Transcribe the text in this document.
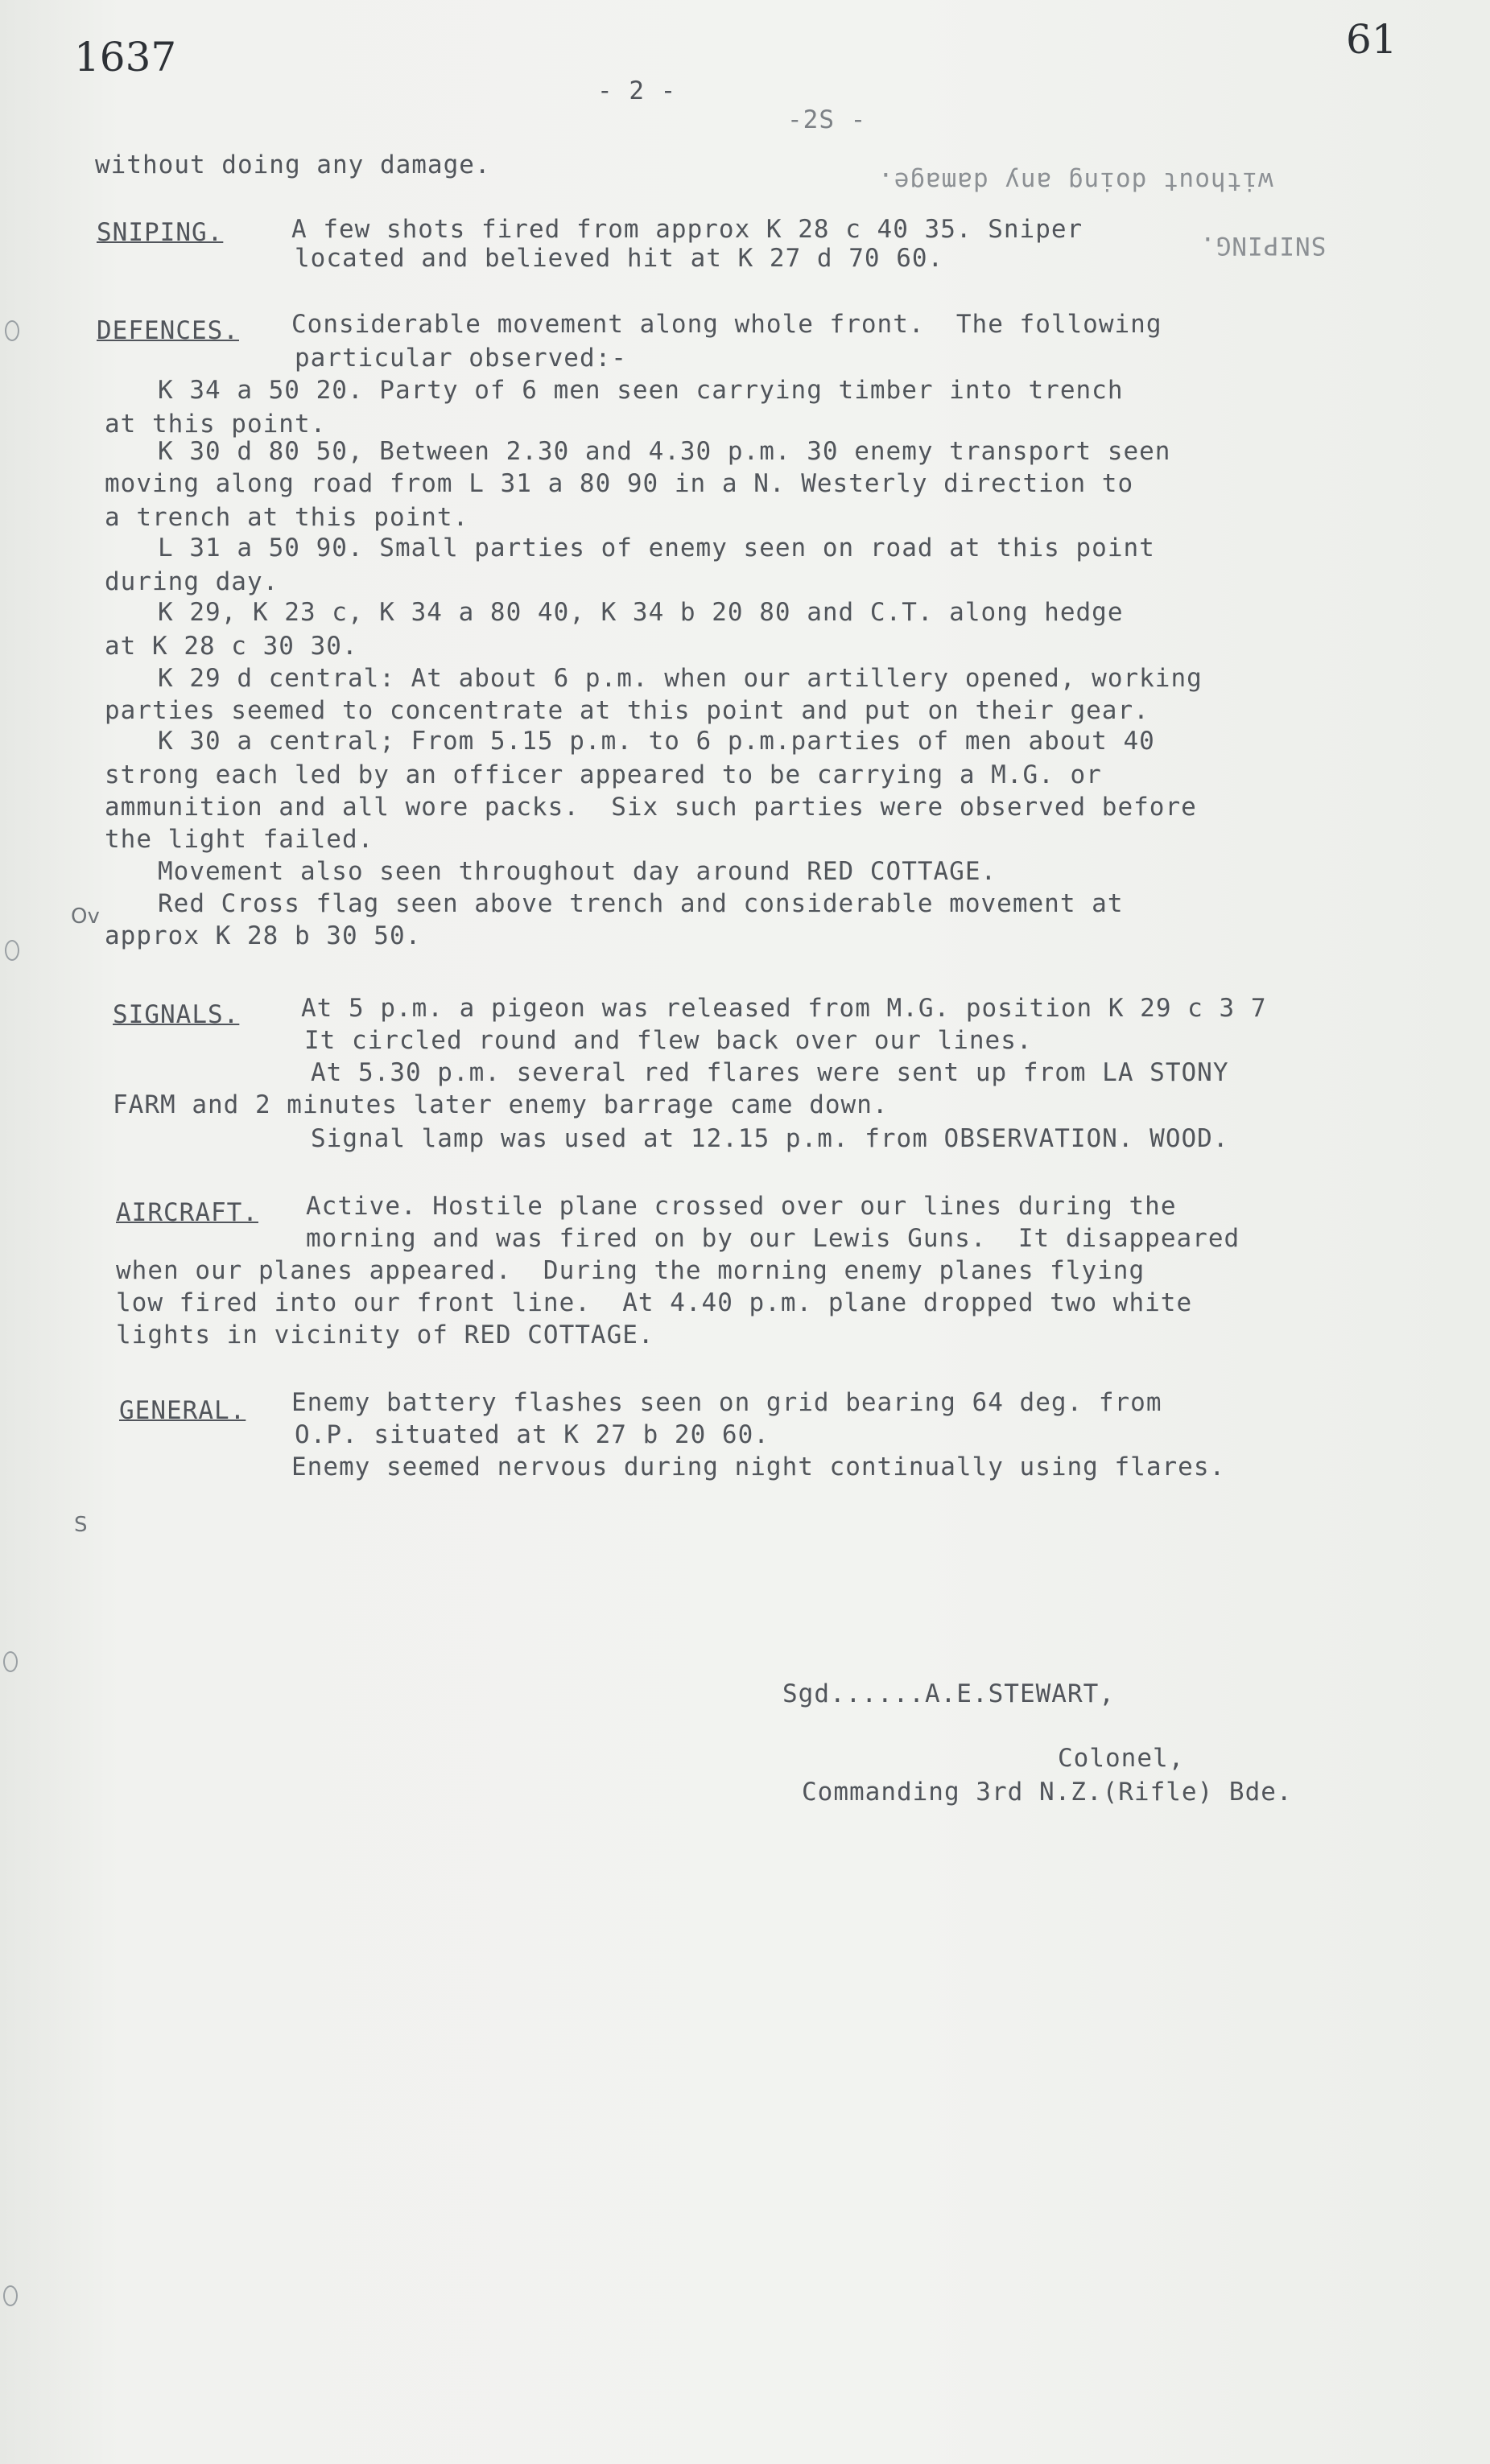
1637	61
- 2 -
-2S -
without doing any damage.
without doing any damage.
SNIPING.	A few shots fired from approx K 28 c 40 35. Sniper
located and believed hit at K 27 d 70 60.	SNIPING.
DEFENCES. Considerable movement along whole front.  The following
particular observed:-
K 34 a 50 20. Party of 6 men seen carrying timber into trench
at this point.
K 30 d 80 50, Between 2.30 and 4.30 p.m. 30 enemy transport seen
moving along road from L 31 a 80 90 in a N. Westerly direction to
a trench at this point.
L 31 a 50 90. Small parties of enemy seen on road at this point
during day.
K 29, K 23 c, K 34 a 80 40, K 34 b 20 80 and C.T. along hedge
at K 28 c 30 30.
K 29 d central: At about 6 p.m. when our artillery opened, working
parties seemed to concentrate at this point and put on their gear.
K 30 a central; From 5.15 p.m. to 6 p.m.parties of men about 40
strong each led by an officer appeared to be carrying a M.G. or
ammunition and all wore packs.  Six such parties were observed before
the light failed.
Movement also seen throughout day around RED COTTAGE.
Red Cross flag seen above trench and considerable movement at
approx K 28 b 30 50.
SIGNALS. At 5 p.m. a pigeon was released from M.G. position K 29 c 3 7
It circled round and flew back over our lines.
At 5.30 p.m. several red flares were sent up from LA STONY
FARM and 2 minutes later enemy barrage came down.
Signal lamp was used at 12.15 p.m. from OBSERVATION. WOOD.
AIRCRAFT. Active. Hostile plane crossed over our lines during the
morning and was fired on by our Lewis Guns.  It disappeared
when our planes appeared.  During the morning enemy planes flying
low fired into our front line.  At 4.40 p.m. plane dropped two white
lights in vicinity of RED COTTAGE.
GENERAL. Enemy battery flashes seen on grid bearing 64 deg. from
O.P. situated at K 27 b 20 60.
Enemy seemed nervous during night continually using flares.
Sgd......A.E.STEWART,
Colonel,
Commanding 3rd N.Z.(Rifle) Bde.
Ov
S
